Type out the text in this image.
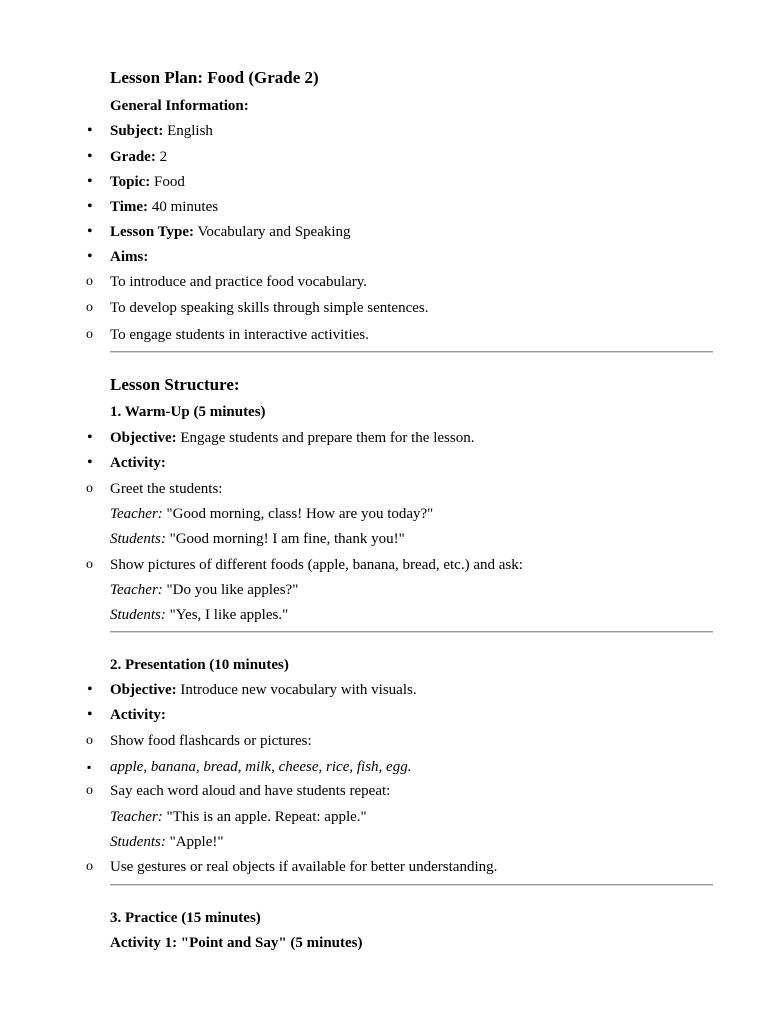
Lesson Plan: Food (Grade 2)
General Information:
• Subject: English
• Grade: 2
• Topic: Food
• Time: 40 minutes
• Lesson Type: Vocabulary and Speaking
• Aims:
o To introduce and practice food vocabulary.
o To develop speaking skills through simple sentences.
o To engage students in interactive activities.
Lesson Structure:
1. Warm-Up (5 minutes)
• Objective: Engage students and prepare them for the lesson.
• Activity:
o Greet the students:
Teacher: "Good morning, class! How are you today?"
Students: "Good morning! I am fine, thank you!"
o Show pictures of different foods (apple, banana, bread, etc.) and ask:
Teacher: "Do you like apples?"
Students: "Yes, I like apples."
2. Presentation (10 minutes)
• Objective: Introduce new vocabulary with visuals.
• Activity:
o Show food flashcards or pictures:
▪ apple, banana, bread, milk, cheese, rice, fish, egg.
o Say each word aloud and have students repeat:
Teacher: "This is an apple. Repeat: apple."
Students: "Apple!"
o Use gestures or real objects if available for better understanding.
3. Practice (15 minutes)
Activity 1: "Point and Say" (5 minutes)
